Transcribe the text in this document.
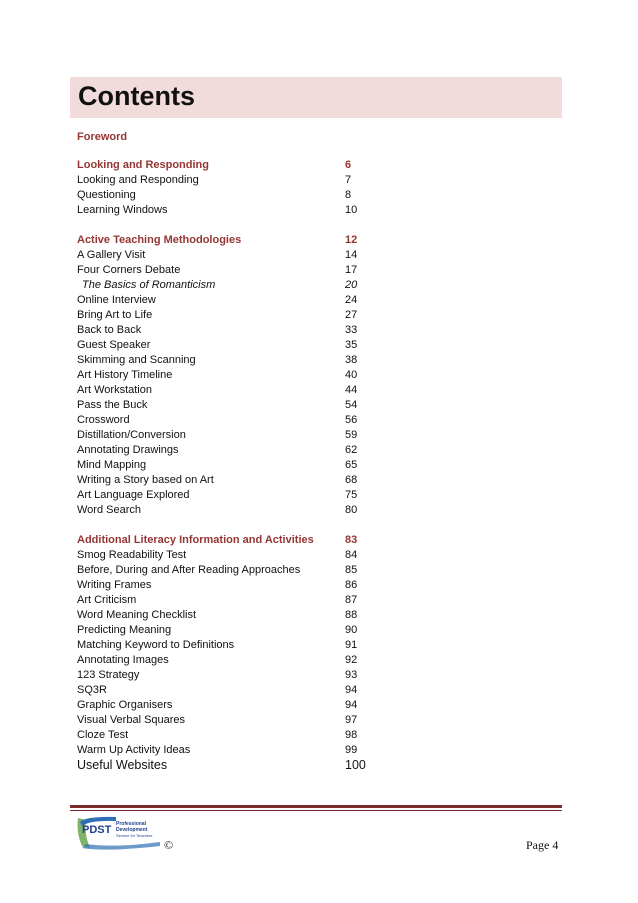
Contents
Foreword
Looking and Responding	6
Looking and Responding	7
Questioning	8
Learning Windows	10
Active Teaching Methodologies	12
A Gallery Visit	14
Four Corners Debate	17
The Basics of Romanticism	20
Online Interview	24
Bring Art to Life	27
Back to Back	33
Guest Speaker	35
Skimming and Scanning	38
Art History Timeline	40
Art Workstation	44
Pass the Buck	54
Crossword	56
Distillation/Conversion	59
Annotating Drawings	62
Mind Mapping	65
Writing a Story based on Art	68
Art Language Explored	75
Word Search	80
Additional Literacy Information and Activities	83
Smog Readability Test	84
Before, During and After Reading Approaches	85
Writing Frames	86
Art Criticism	87
Word Meaning Checklist	88
Predicting Meaning	90
Matching Keyword to Definitions	91
Annotating Images	92
123 Strategy	93
SQ3R	94
Graphic Organisers	94
Visual Verbal Squares	97
Cloze Test	98
Warm Up Activity Ideas	99
Useful Websites	100
PDST Professional
Development
Service for Teachers
©	Page 4
